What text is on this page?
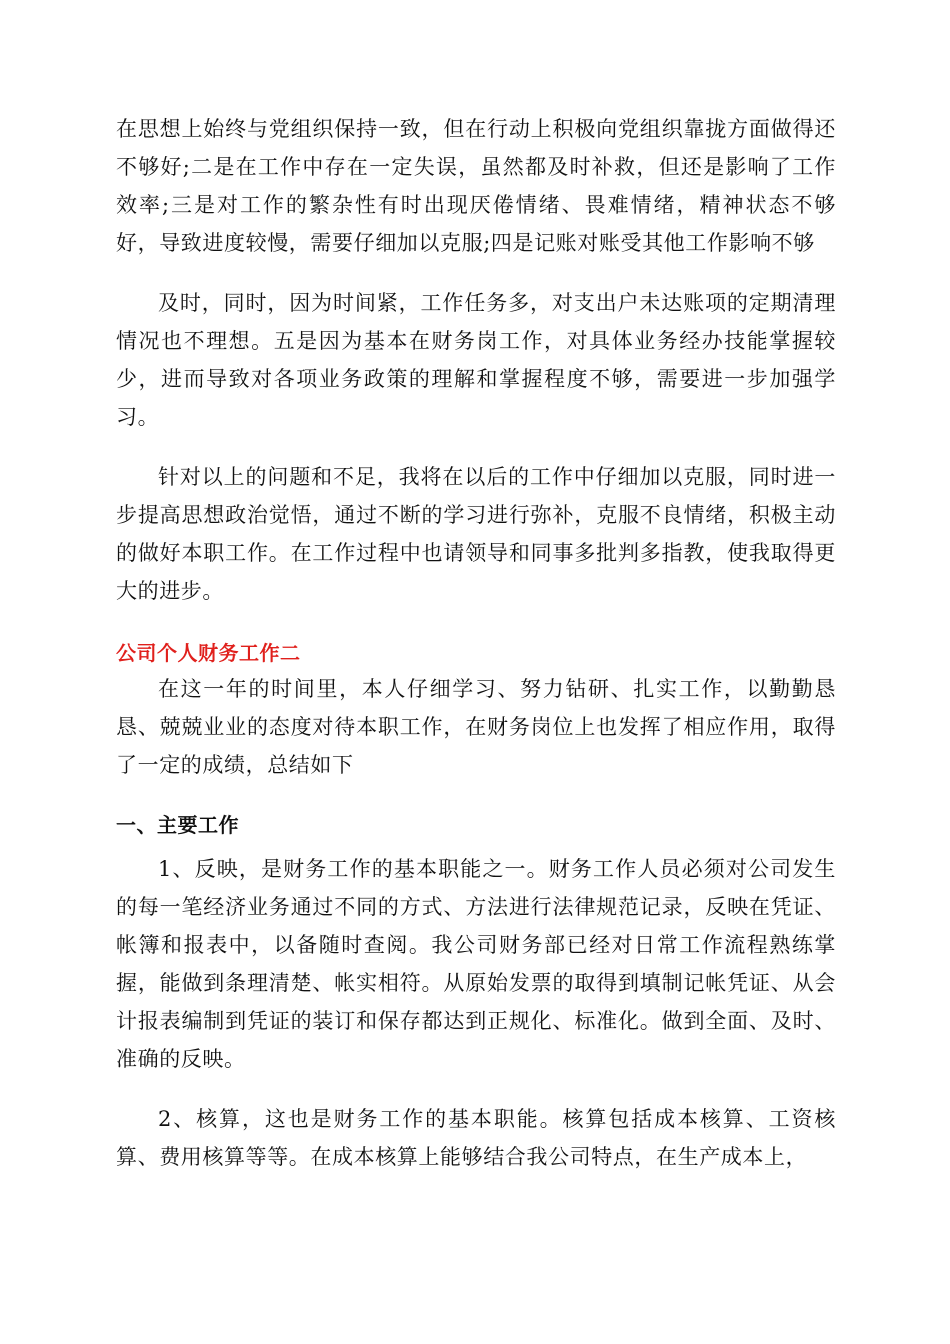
在思想上始终与党组织保持一致，但在行动上积极向党组织靠拢方面做得还不够好;二是在工作中存在一定失误，虽然都及时补救，但还是影响了工作效率;三是对工作的繁杂性有时出现厌倦情绪、畏难情绪，精神状态不够好，导致进度较慢，需要仔细加以克服;四是记账对账受其他工作影响不够

及时，同时，因为时间紧，工作任务多，对支出户未达账项的定期清理情况也不理想。五是因为基本在财务岗工作，对具体业务经办技能掌握较少，进而导致对各项业务政策的理解和掌握程度不够，需要进一步加强学习。

针对以上的问题和不足，我将在以后的工作中仔细加以克服，同时进一步提高思想政治觉悟，通过不断的学习进行弥补，克服不良情绪，积极主动的做好本职工作。在工作过程中也请领导和同事多批判多指教，使我取得更大的进步。

公司个人财务工作二

在这一年的时间里，本人仔细学习、努力钻研、扎实工作，以勤勤恳恳、兢兢业业的态度对待本职工作，在财务岗位上也发挥了相应作用，取得了一定的成绩，总结如下

一、主要工作

1、反映，是财务工作的基本职能之一。财务工作人员必须对公司发生的每一笔经济业务通过不同的方式、方法进行法律规范记录，反映在凭证、帐簿和报表中，以备随时查阅。我公司财务部已经对日常工作流程熟练掌握，能做到条理清楚、帐实相符。从原始发票的取得到填制记帐凭证、从会计报表编制到凭证的装订和保存都达到正规化、标准化。做到全面、及时、准确的反映。

2、核算，这也是财务工作的基本职能。核算包括成本核算、工资核算、费用核算等等。在成本核算上能够结合我公司特点，在生产成本上，
